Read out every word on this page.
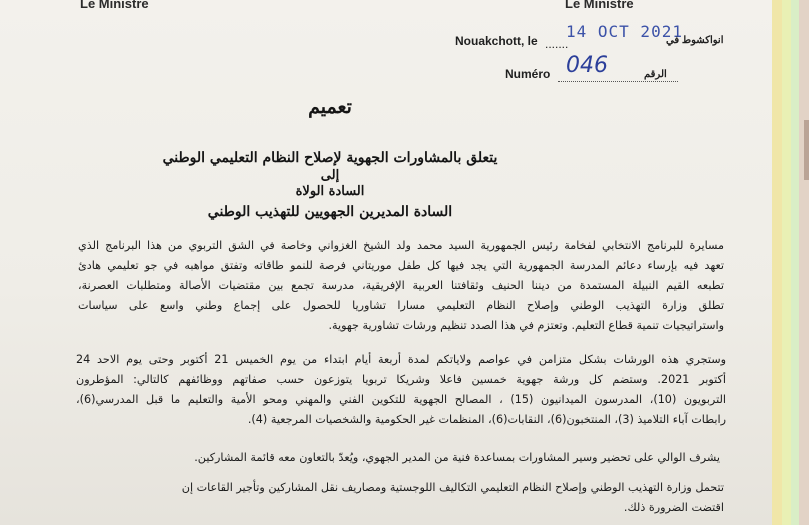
Le Ministre	Le Ministre
Nouakchott, le .......
14 OCT 2021
انواكشوط في
Numéro 046	الرقم
تعميم
يتعلق بالمشاورات الجهوية لإصلاح النظام التعليمي الوطني
إلى
السادة الولاة
السادة المديرين الجهويين للتهذيب الوطني
مسايرة للبرنامج الانتخابي لفخامة رئيس الجمهورية السيد محمد ولد الشيخ الغزواني وخاصة في الشق التربوي من هذا البرنامج الذي
تعهد فيه بإرساء دعائم المدرسة الجمهورية التي يجد فيها كل طفل موريتاني فرصة للنمو طاقاته وتفتق مواهبه في جو تعليمي هادئ
تطبعه القيم النبيلة المستمدة من ديننا الحنيف وثقافتنا العربية الإفريقية، مدرسة تجمع بين مقتضيات الأصالة ومتطلبات العصرنة،
تطلق وزارة التهذيب الوطني وإصلاح النظام التعليمي مسارا تشاوريا للحصول على إجماع وطني واسع على سياسات
واستراتيجيات تنمية قطاع التعليم. وتعتزم في هذا الصدد تنظيم ورشات تشاورية جهوية.
وستجري هذه الورشات بشكل متزامن في عواصم ولاياتكم لمدة أربعة أيام ابتداء من يوم الخميس 21 أكتوبر وحتى يوم الاحد 24
أكتوبر 2021. وستضم كل ورشة جهوية خمسين فاعلا وشريكا تربويا يتوزعون حسب صفاتهم ووظائفهم كالتالي: المؤطرون
التربويون (10)، المدرسون الميدانيون (15) ، المصالح الجهوية للتكوين الفني والمهني ومحو الأمية والتعليم ما قبل المدرسي(6)،
رابطات آباء التلاميذ (3)، المنتخبون(6)، النقابات(6)، المنظمات غير الحكومية والشخصيات المرجعية (4).
يشرف الوالي على تحضير وسير المشاورات بمساعدة فنية من المدير الجهوي، ويُعدّ بالتعاون معه قائمة المشاركين.
تتحمل وزارة التهذيب الوطني وإصلاح النظام التعليمي التكاليف اللوجستية ومصاريف نقل المشاركين وتأجير القاعات إن
اقتضت الضرورة ذلك.
